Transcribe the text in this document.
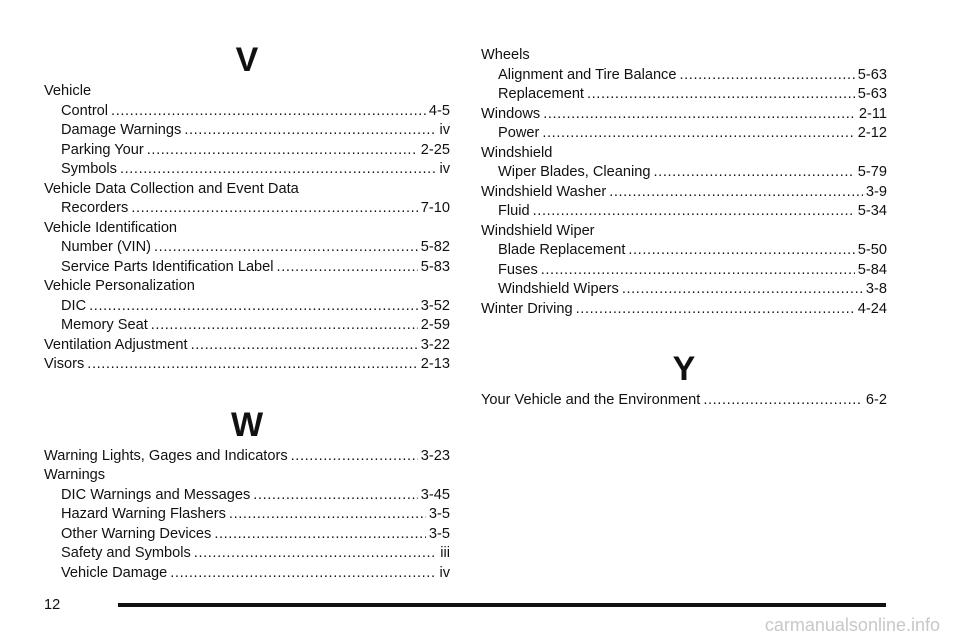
V
Vehicle
Control .....	4-5
Damage Warnings .....	iv
Parking Your .....	2-25
Symbols .....	iv
Vehicle Data Collection and Event Data
Recorders .....	7-10
Vehicle Identification
Number (VIN) .....	5-82
Service Parts Identification Label .....	5-83
Vehicle Personalization
DIC .....	3-52
Memory Seat .....	2-59
Ventilation Adjustment .....	3-22
Visors .....	2-13
W
Warning Lights, Gages and Indicators .....	3-23
Warnings
DIC Warnings and Messages .....	3-45
Hazard Warning Flashers .....	3-5
Other Warning Devices .....	3-5
Safety and Symbols .....	iii
Vehicle Damage .....	iv
Wheels
Alignment and Tire Balance .....	5-63
Replacement .....	5-63
Windows .....	2-11
Power .....	2-12
Windshield
Wiper Blades, Cleaning .....	5-79
Windshield Washer .....	3-9
Fluid .....	5-34
Windshield Wiper
Blade Replacement .....	5-50
Fuses .....	5-84
Windshield Wipers .....	3-8
Winter Driving .....	4-24
Y
Your Vehicle and the Environment .....	6-2
12
carmanualsonline.info
